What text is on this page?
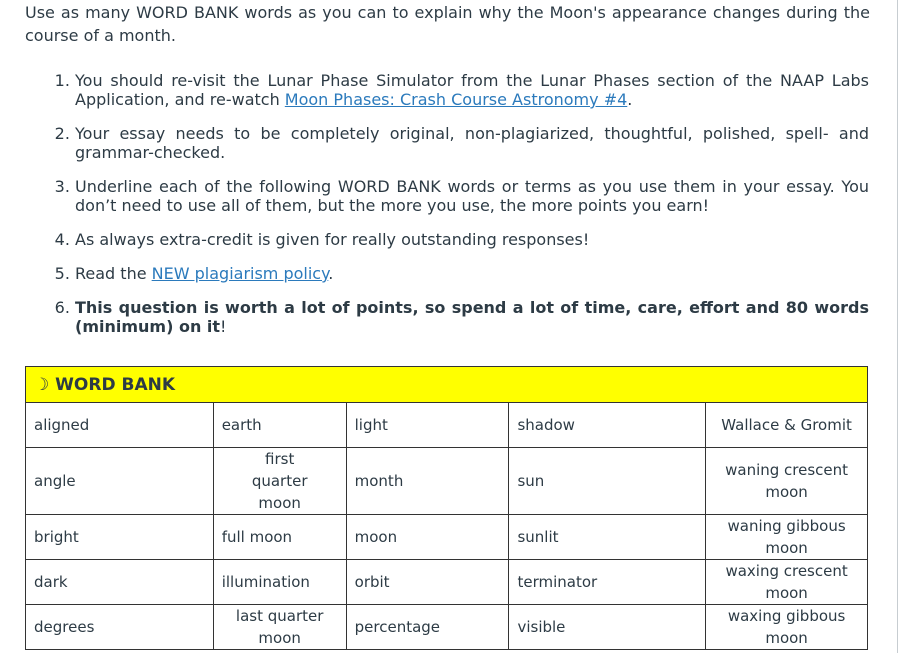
Use as many WORD BANK words as you can to explain why the Moon's appearance changes during the course of a month.

1. You should re-visit the Lunar Phase Simulator from the Lunar Phases section of the NAAP Labs Application, and re-watch Moon Phases: Crash Course Astronomy #4.
2. Your essay needs to be completely original, non-plagiarized, thoughtful, polished, spell- and grammar-checked.
3. Underline each of the following WORD BANK words or terms as you use them in your essay. You don’t need to use all of them, but the more you use, the more points you earn!
4. As always extra-credit is given for really outstanding responses!
5. Read the NEW plagiarism policy.
6. This question is worth a lot of points, so spend a lot of time, care, effort and 80 words (minimum) on it!
☽ WORD BANK				
aligned	earth	light	shadow	Wallace & Gromit
angle	first quarter moon	month	sun	waning crescent moon
bright	full moon	moon	sunlit	waning gibbous moon
dark	illumination	orbit	terminator	waxing crescent moon
degrees	last quarter moon	percentage	visible	waxing gibbous moon
